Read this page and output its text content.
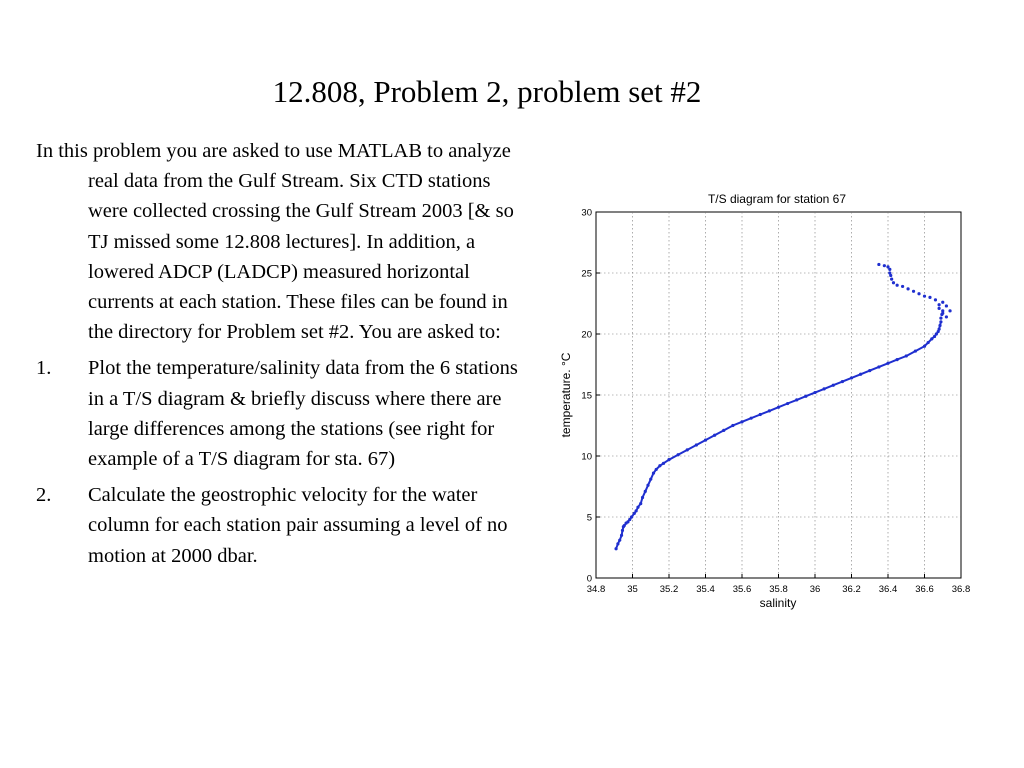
12.808, Problem 2, problem set #2

In this problem you are asked to use MATLAB to analyze real data from the Gulf Stream. Six CTD stations were collected crossing the Gulf Stream 2003 [& so TJ missed some 12.808 lectures]. In addition, a lowered ADCP (LADCP) measured horizontal currents at each station. These files can be found in the directory for Problem set #2. You are asked to:

1. Plot the temperature/salinity data from the 6 stations in a T/S diagram & briefly discuss where there are large differences among the stations (see right for example of a T/S diagram for sta. 67)
2. Calculate the geostrophic velocity for the water column for each station pair assuming a level of no motion at 2000 dbar.
T/S diagram for station 67
34.8 35 35.2 35.4 35.6 35.8 36 36.2 36.4 36.6 36.8
0
5
10
15
20
25
30
salinity
temperature. °C
